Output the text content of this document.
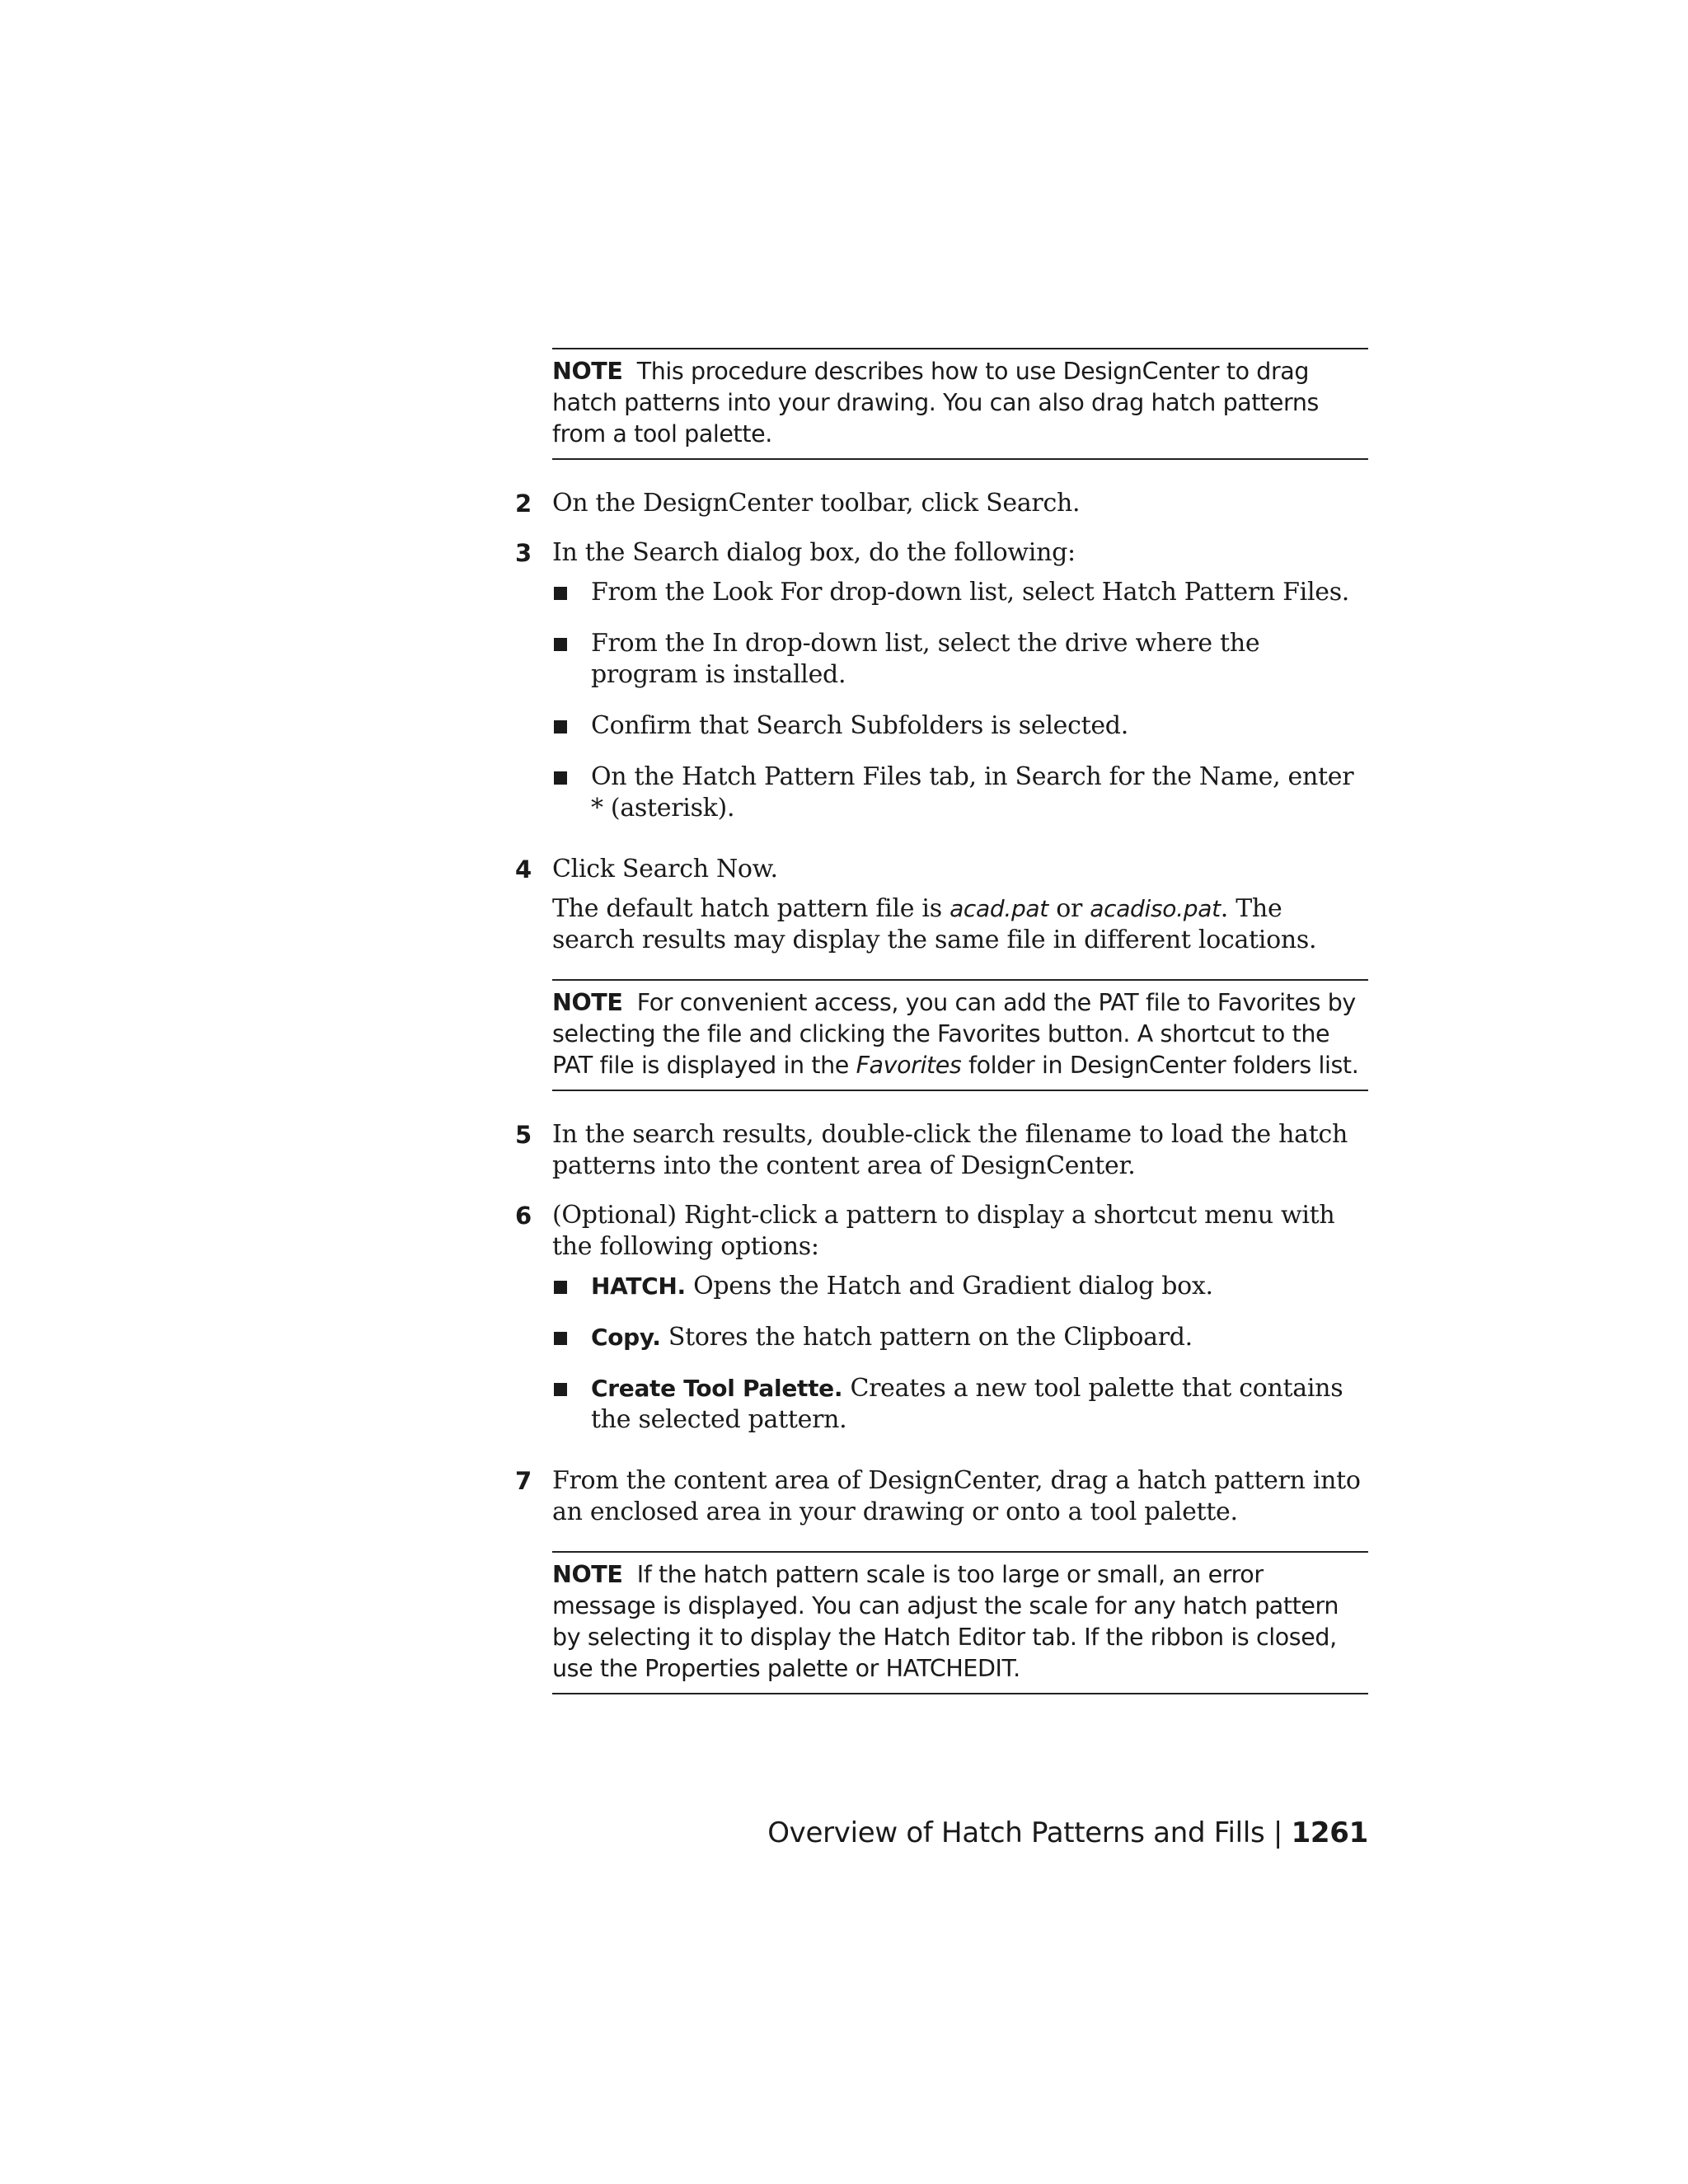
NOTE This procedure describes how to use DesignCenter to drag hatch patterns into your drawing. You can also drag hatch patterns from a tool palette.
2 On the DesignCenter toolbar, click Search.
3 In the Search dialog box, do the following:
From the Look For drop-down list, select Hatch Pattern Files.
From the In drop-down list, select the drive where the program is installed.
Confirm that Search Subfolders is selected.
On the Hatch Pattern Files tab, in Search for the Name, enter * (asterisk).
4 Click Search Now.
The default hatch pattern file is acad.pat or acadiso.pat. The search results may display the same file in different locations.
NOTE For convenient access, you can add the PAT file to Favorites by selecting the file and clicking the Favorites button. A shortcut to the PAT file is displayed in the Favorites folder in DesignCenter folders list.
5 In the search results, double-click the filename to load the hatch patterns into the content area of DesignCenter.
6 (Optional) Right-click a pattern to display a shortcut menu with the following options:
HATCH. Opens the Hatch and Gradient dialog box.
Copy. Stores the hatch pattern on the Clipboard.
Create Tool Palette. Creates a new tool palette that contains the selected pattern.
7 From the content area of DesignCenter, drag a hatch pattern into an enclosed area in your drawing or onto a tool palette.
NOTE If the hatch pattern scale is too large or small, an error message is displayed. You can adjust the scale for any hatch pattern by selecting it to display the Hatch Editor tab. If the ribbon is closed, use the Properties palette or HATCHEDIT.
Overview of Hatch Patterns and Fills | 1261
